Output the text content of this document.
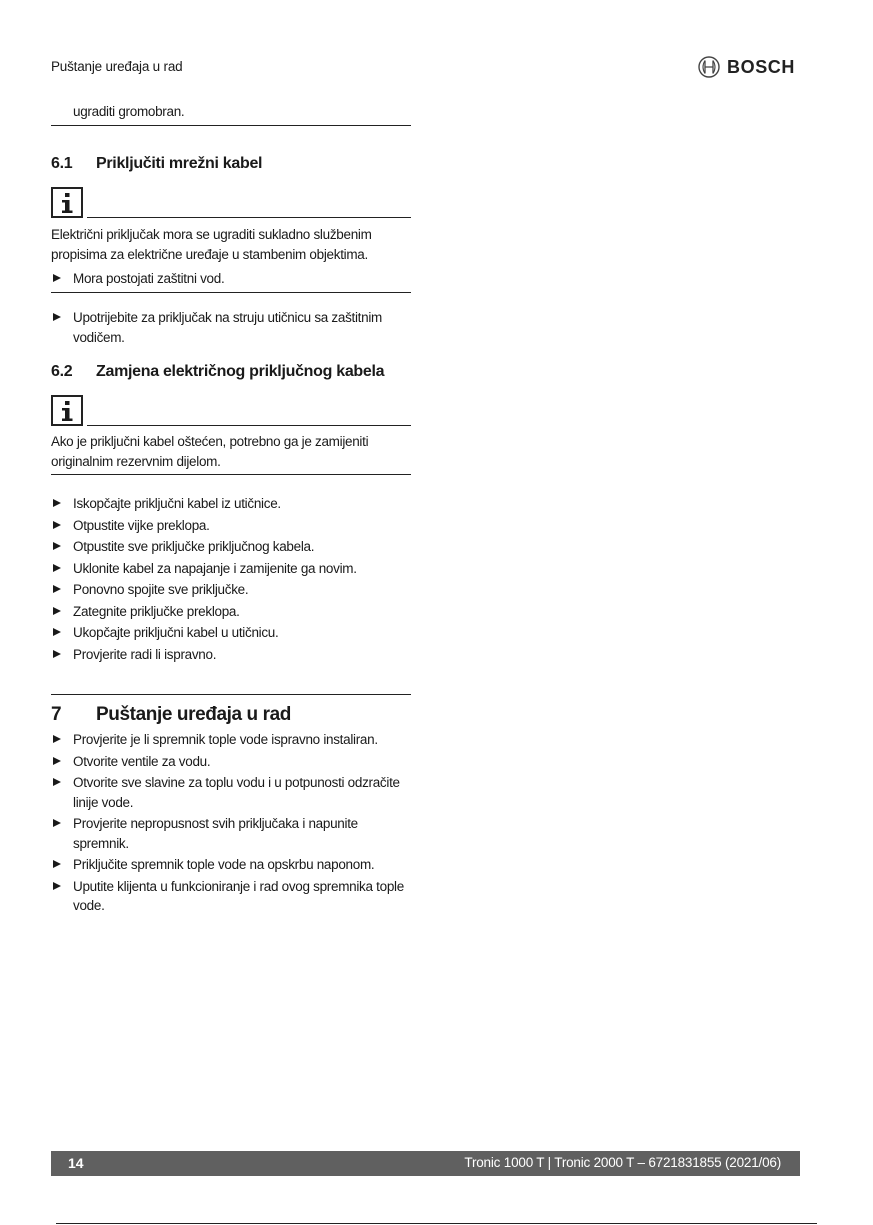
Puštanje uređaja u rad	BOSCH
ugraditi gromobran.
6.1 Priključiti mrežni kabel
Električni priključak mora se ugraditi sukladno službenim propisima za električne uređaje u stambenim objektima.
Mora postojati zaštitni vod.
Upotrijebite za priključak na struju utičnicu sa zaštitnim vodičem.
6.2 Zamjena električnog priključnog kabela
Ako je priključni kabel oštećen, potrebno ga je zamijeniti originalnim rezervnim dijelom.
Iskopčajte priključni kabel iz utičnice.
Otpustite vijke preklopa.
Otpustite sve priključke priključnog kabela.
Uklonite kabel za napajanje i zamijenite ga novim.
Ponovno spojite sve priključke.
Zategnite priključke preklopa.
Ukopčajte priključni kabel u utičnicu.
Provjerite radi li ispravno.
7 Puštanje uređaja u rad
Provjerite je li spremnik tople vode ispravno instaliran.
Otvorite ventile za vodu.
Otvorite sve slavine za toplu vodu i u potpunosti odzračite linije vode.
Provjerite nepropusnost svih priključaka i napunite spremnik.
Priključite spremnik tople vode na opskrbu naponom.
Uputite klijenta u funkcioniranje i rad ovog spremnika tople vode.
14	Tronic 1000 T | Tronic 2000 T – 6721831855 (2021/06)
